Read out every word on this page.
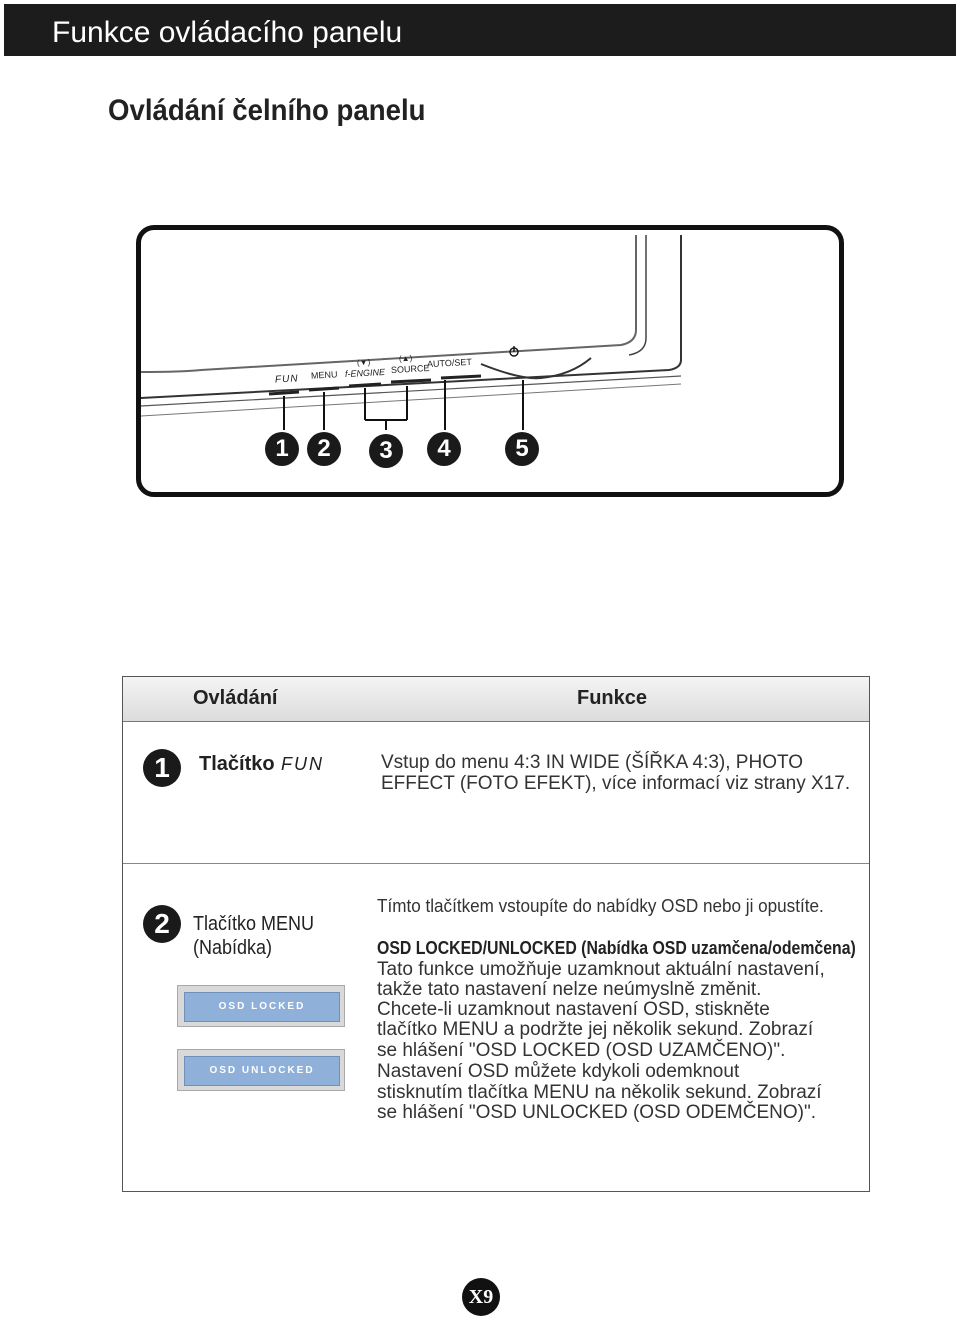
Funkce ovládacího panelu
Ovládání čelního panelu
FUN MENU
(▼)
f-ENGINE
(▲)
SOURCE
AUTO/SET
1	2	3	4	5
Ovládání	Funkce
1	Tlačítko FUN	Vstup do menu 4:3 IN WIDE (ŠÍŘKA 4:3), PHOTO
EFFECT (FOTO EFEKT), více informací viz strany X17.
2	Tlačítko MENU
(Nabídka)
OSD LOCKED
OSD UNLOCKED
Tímto tlačítkem vstoupíte do nabídky OSD nebo ji opustíte.
OSD LOCKED/UNLOCKED (Nabídka OSD uzamčena/odemčena)
Tato funkce umožňuje uzamknout aktuální nastavení,
takže tato nastavení nelze neúmyslně změnit.
Chcete-li uzamknout nastavení OSD, stiskněte
tlačítko MENU a podržte jej několik sekund. Zobrazí
se hlášení "OSD LOCKED (OSD UZAMČENO)".
Nastavení OSD můžete kdykoli odemknout
stisknutím tlačítka MENU na několik sekund. Zobrazí
se hlášení "OSD UNLOCKED (OSD ODEMČENO)".
X9
